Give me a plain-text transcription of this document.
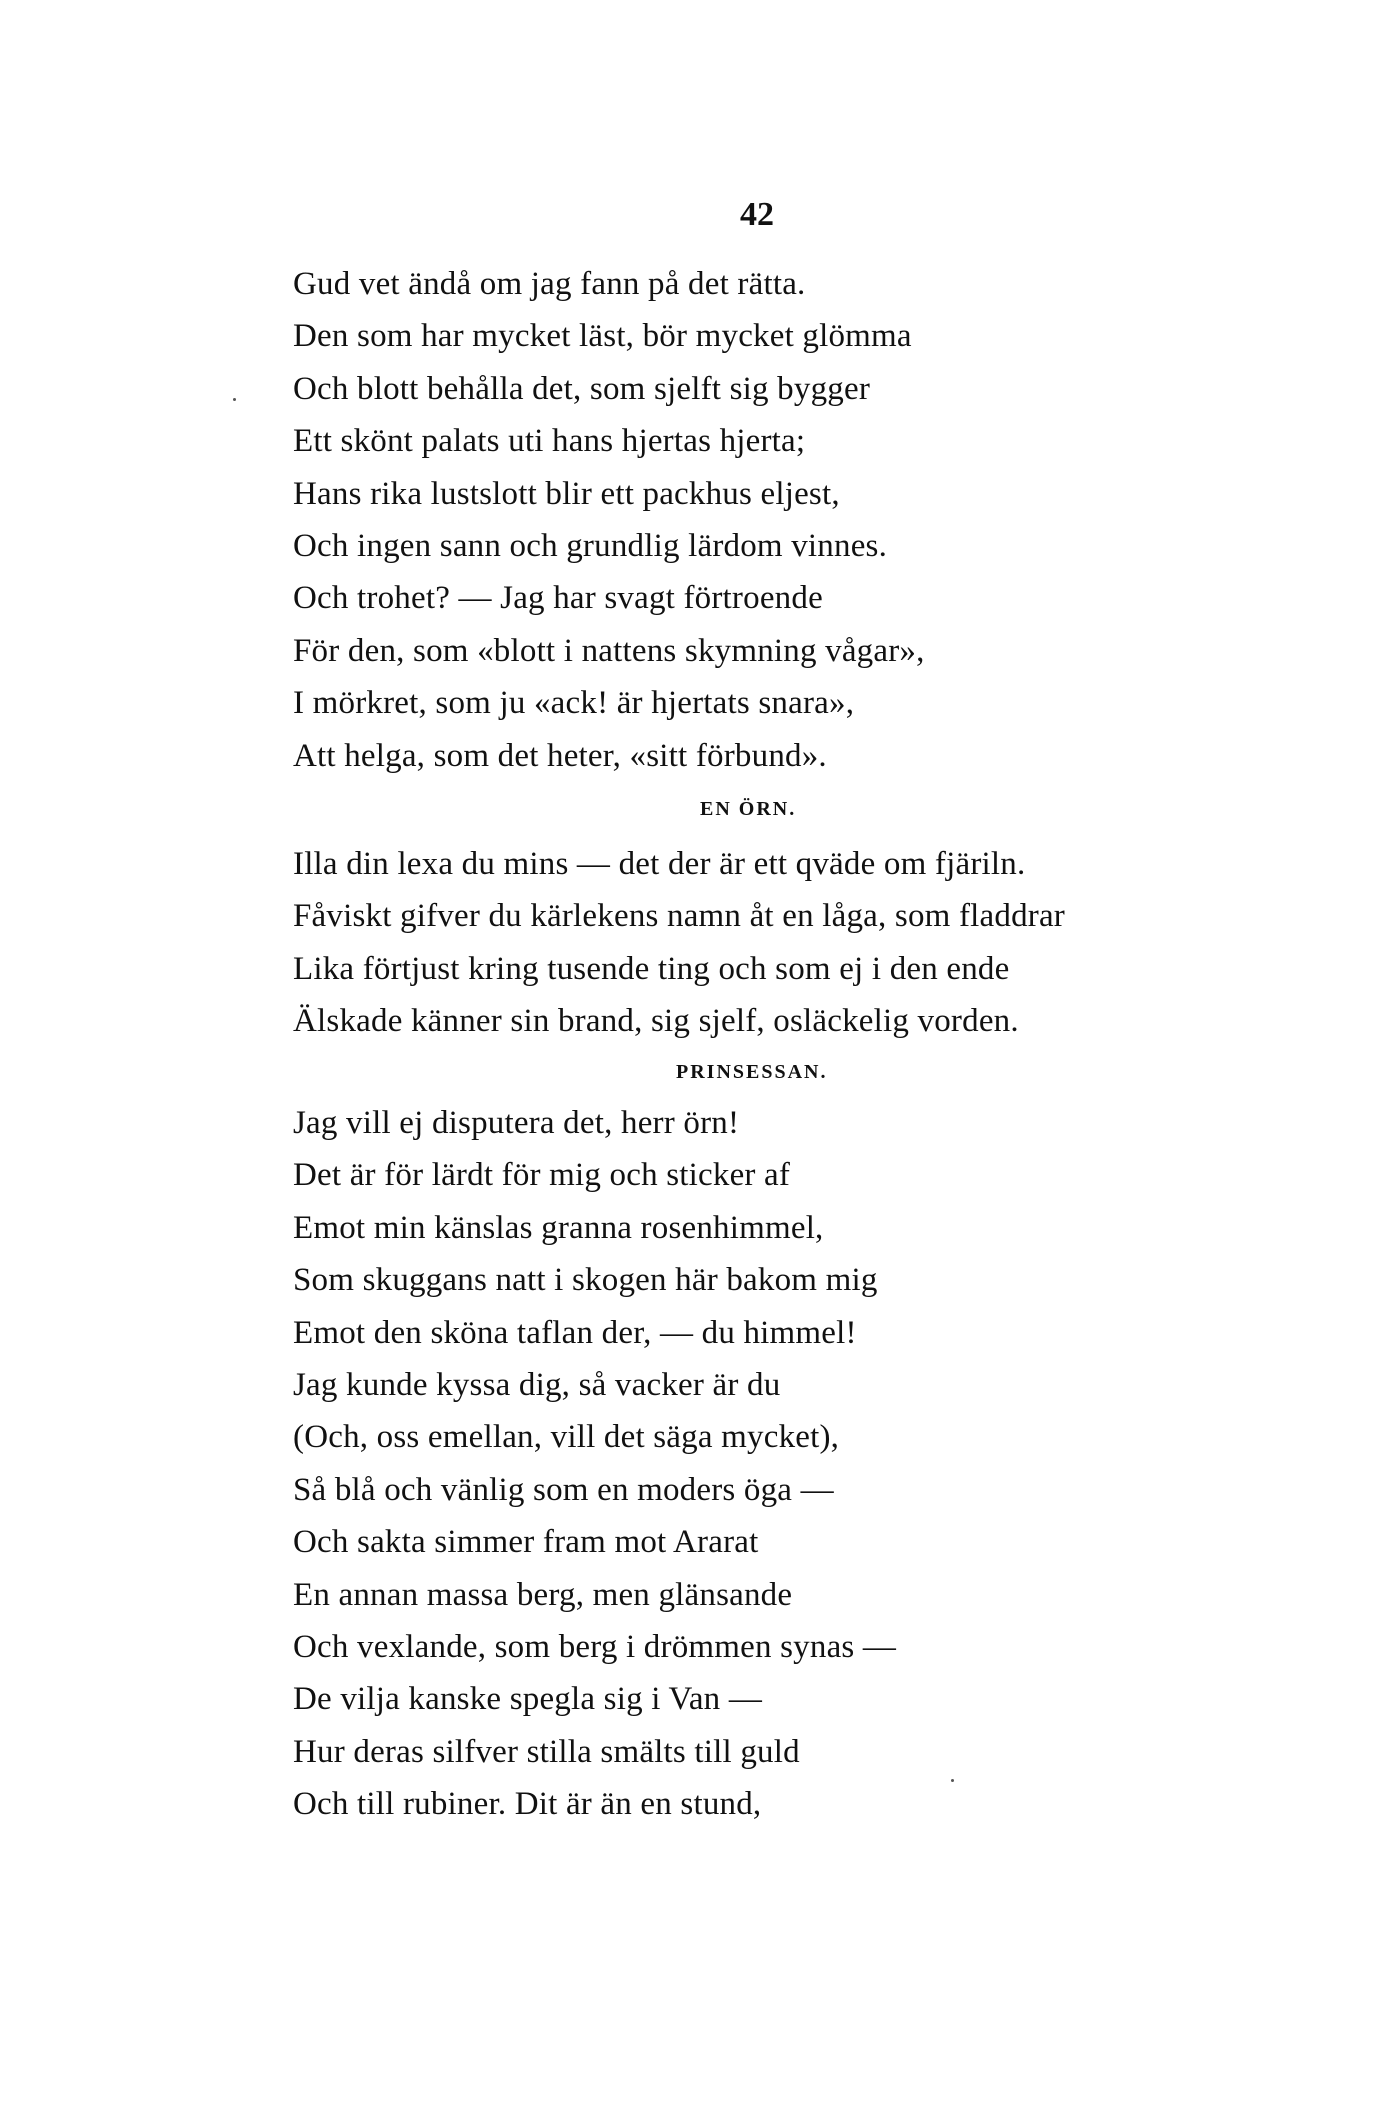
42
Gud vet ändå om jag fann på det rätta.
Den som har mycket läst, bör mycket glömma
Och blott behålla det, som sjelft sig bygger
Ett skönt palats uti hans hjertas hjerta;
Hans rika lustslott blir ett packhus eljest,
Och ingen sann och grundlig lärdom vinnes.
Och trohet? — Jag har svagt förtroende
För den, som «blott i nattens skymning vågar»,
I mörkret, som ju «ack! är hjertats snara»,
Att helga, som det heter, «sitt förbund».
EN ÖRN.
Illa din lexa du mins — det der är ett qväde om fjäriln.
Fåviskt gifver du kärlekens namn åt en låga, som fladdrar
Lika förtjust kring tusende ting och som ej i den ende
Älskade känner sin brand, sig sjelf, osläckelig vorden.
PRINSESSAN.
Jag vill ej disputera det, herr örn!
Det är för lärdt för mig och sticker af
Emot min känslas granna rosenhimmel,
Som skuggans natt i skogen här bakom mig
Emot den sköna taflan der, — du himmel!
Jag kunde kyssa dig, så vacker är du
(Och, oss emellan, vill det säga mycket),
Så blå och vänlig som en moders öga —
Och sakta simmer fram mot Ararat
En annan massa berg, men glänsande
Och vexlande, som berg i drömmen synas —
De vilja kanske spegla sig i Van —
Hur deras silfver stilla smälts till guld
Och till rubiner. Dit är än en stund,
